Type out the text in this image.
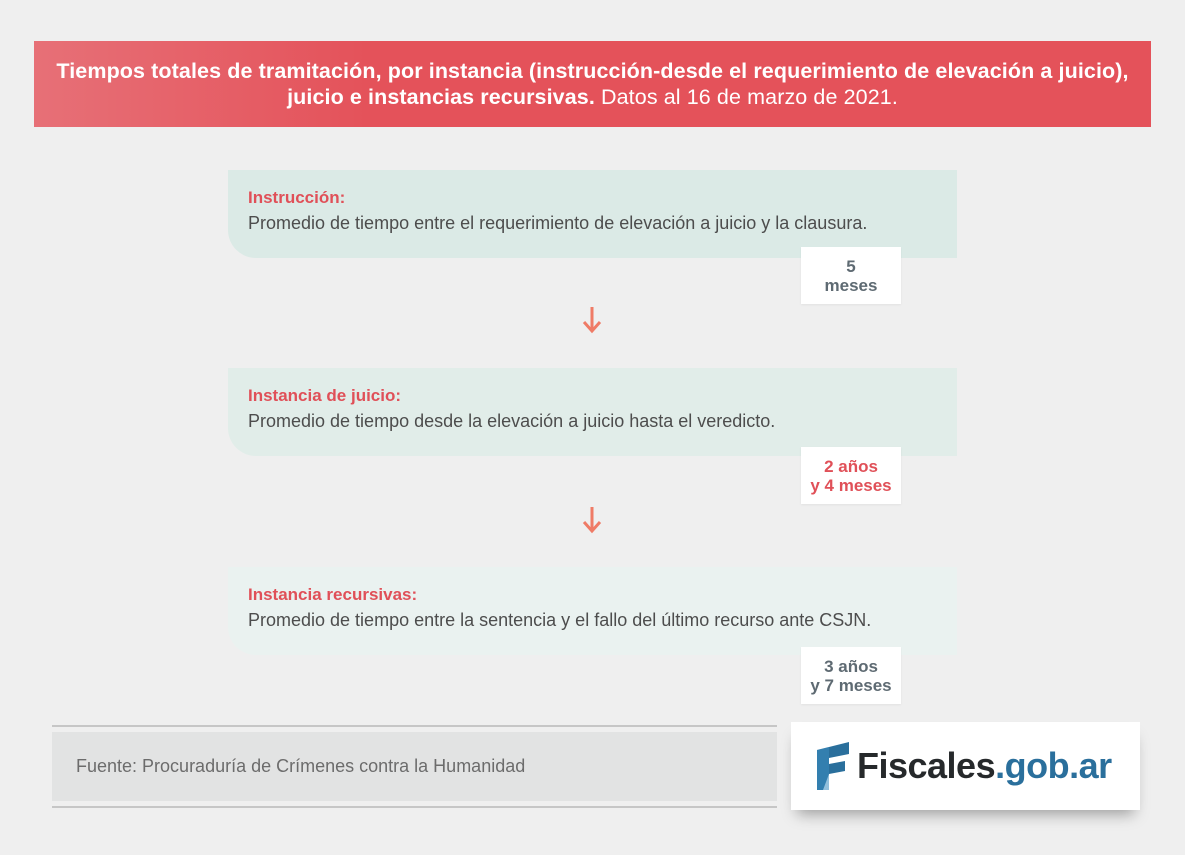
Tiempos totales de tramitación, por instancia (instrucción-desde el requerimiento de elevación a juicio), juicio e instancias recursivas. Datos al 16 de marzo de 2021.
Instrucción:
Promedio de tiempo entre el requerimiento de elevación a juicio y la clausura.
5
meses
Instancia de juicio:
Promedio de tiempo desde la elevación a juicio hasta el veredicto.
2 años
y 4 meses
Instancia recursivas:
Promedio de tiempo entre la sentencia y el fallo del último recurso ante CSJN.
3 años
y 7 meses
Fuente: Procuraduría de Crímenes contra la Humanidad	Fiscales.gob.ar
